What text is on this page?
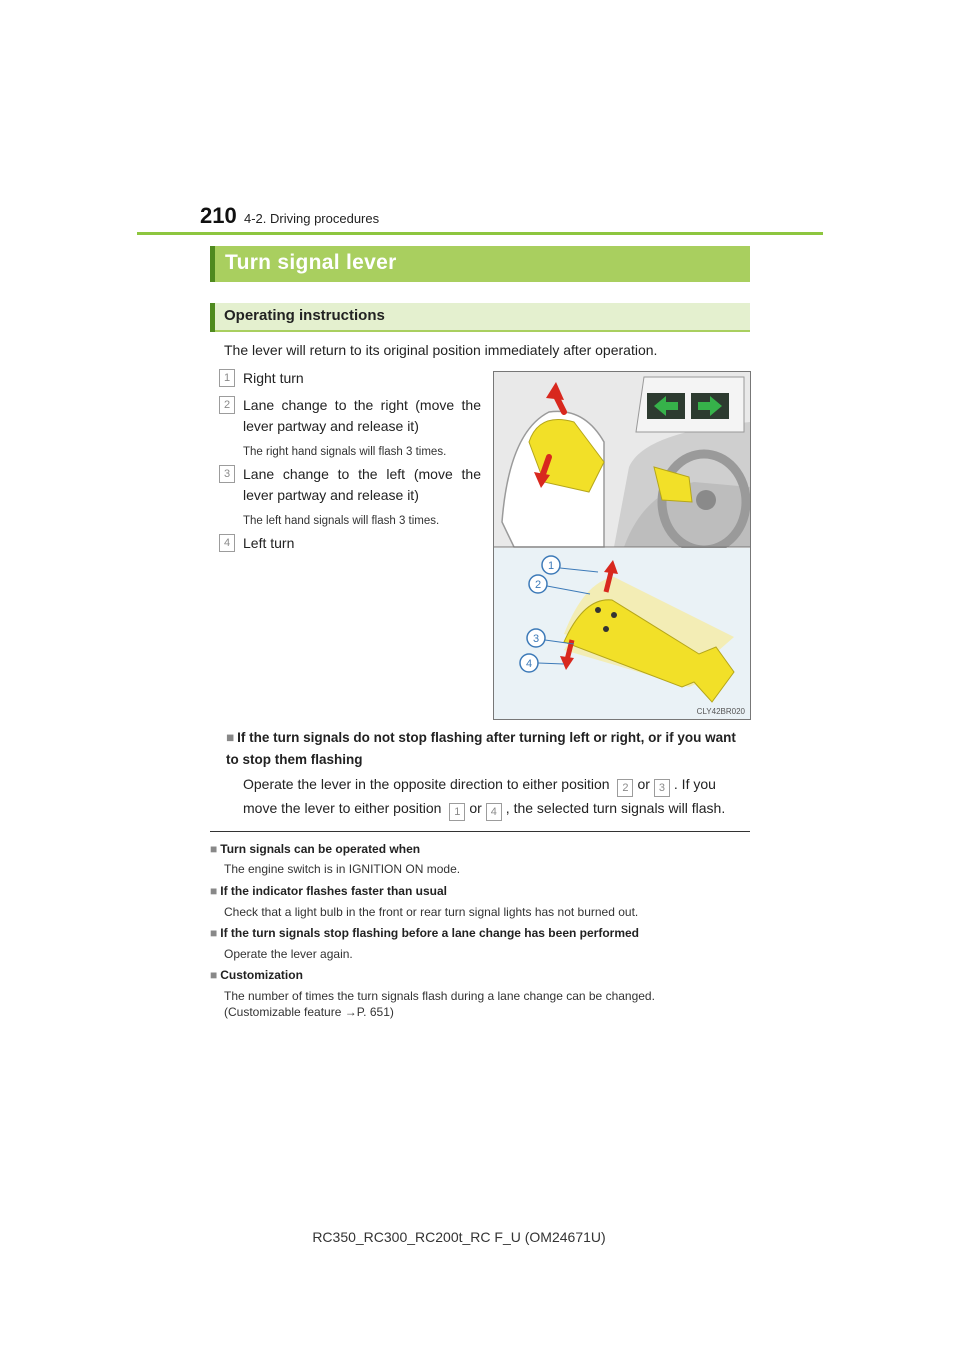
210 4-2. Driving procedures
Turn signal lever
Operating instructions
The lever will return to its original position immediately after operation.
1 Right turn
2 Lane change to the right (move the lever partway and release it)
The right hand signals will flash 3 times.
3 Lane change to the left (move the lever partway and release it)
The left hand signals will flash 3 times.
4 Left turn
1
2
3
4
CLY42BR020
■ If the turn signals do not stop flashing after turning left or right, or if you want to stop them flashing
Operate the lever in the opposite direction to either position 2 or 3 . If you move the lever to either position 1 or 4 , the selected turn signals will flash.
■ Turn signals can be operated when
The engine switch is in IGNITION ON mode.
■ If the indicator flashes faster than usual
Check that a light bulb in the front or rear turn signal lights has not burned out.
■ If the turn signals stop flashing before a lane change has been performed
Operate the lever again.
■ Customization
The number of times the turn signals flash during a lane change can be changed.
(Customizable feature →P. 651)
RC350_RC300_RC200t_RC F_U (OM24671U)
